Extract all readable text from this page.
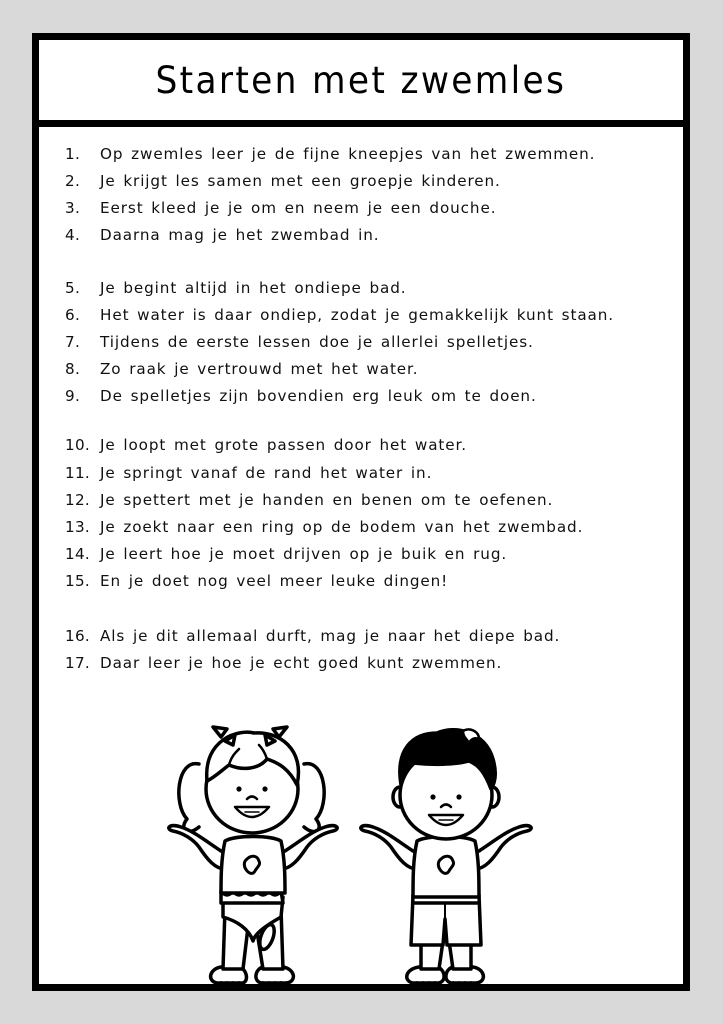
Starten met zwemles
1.	Op zwemles leer je de fijne kneepjes van het zwemmen.
2.	Je krijgt les samen met een groepje kinderen.
3.	Eerst kleed je je om en neem je een douche.
4.	Daarna mag je het zwembad in.
5.	Je begint altijd in het ondiepe bad.
6.	Het water is daar ondiep, zodat je gemakkelijk kunt staan.
7.	Tijdens de eerste lessen doe je allerlei spelletjes.
8.	Zo raak je vertrouwd met het water.
9.	De spelletjes zijn bovendien erg leuk om te doen.
10. Je loopt met grote passen door het water.
11. Je springt vanaf de rand het water in.
12. Je spettert met je handen en benen om te oefenen.
13. Je zoekt naar een ring op de bodem van het zwembad.
14. Je leert hoe je moet drijven op je buik en rug.
15. En je doet nog veel meer leuke dingen!
16. Als je dit allemaal durft, mag je naar het diepe bad.
17. Daar leer je hoe je echt goed kunt zwemmen.
